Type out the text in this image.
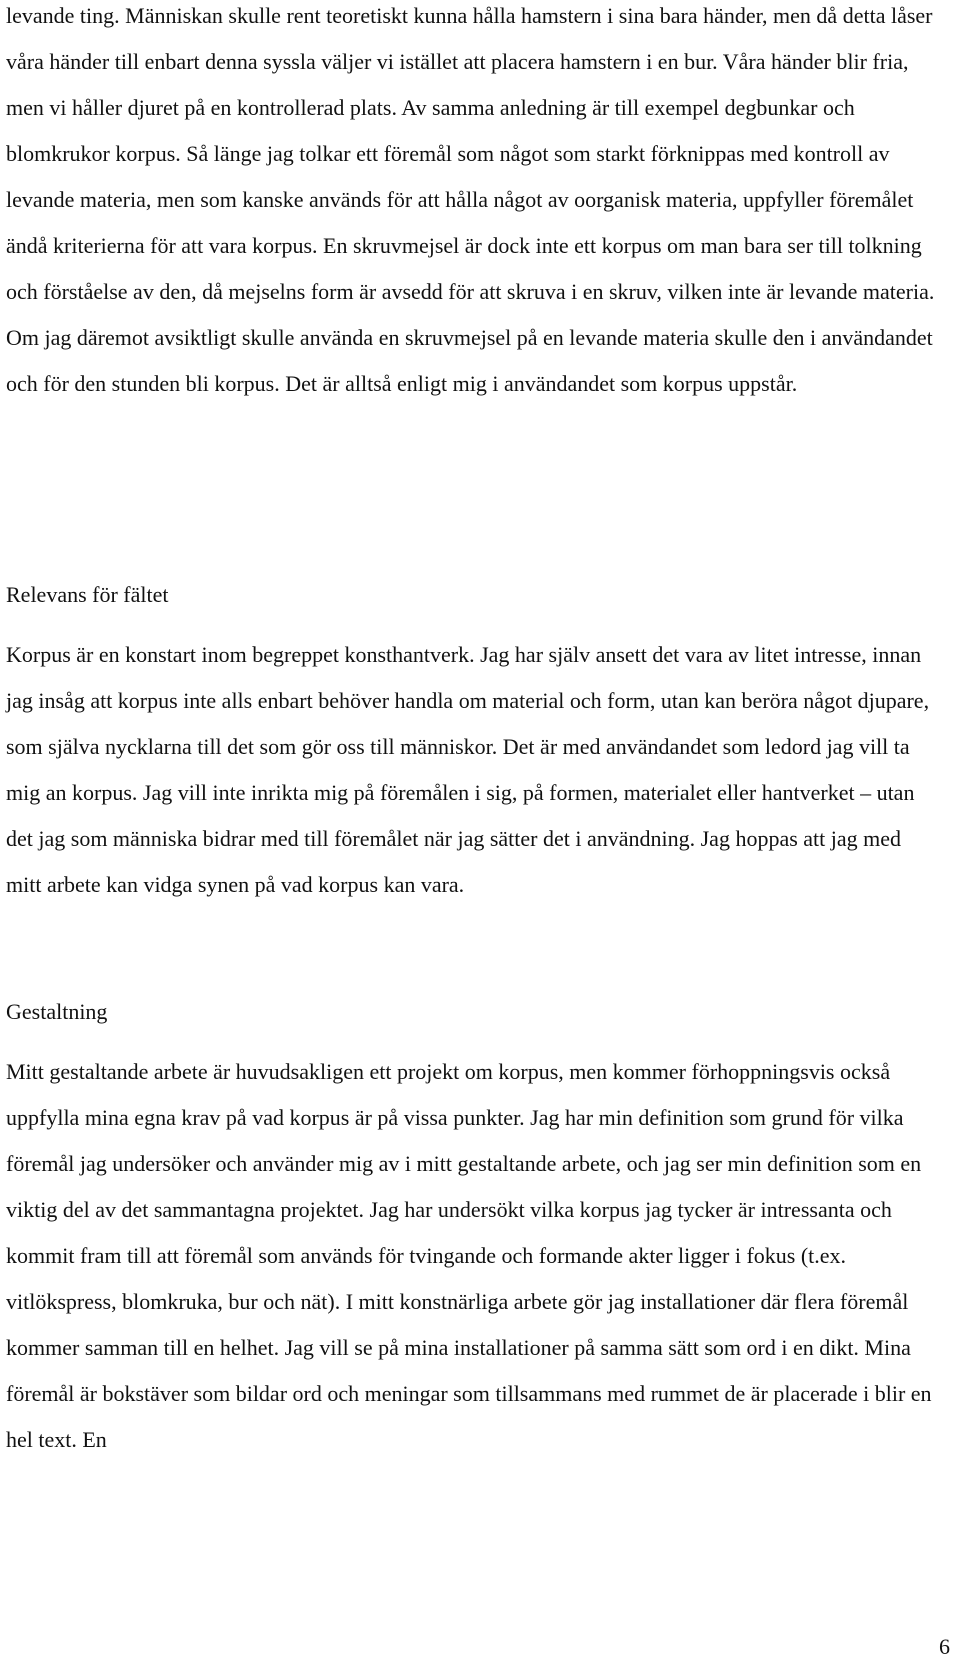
levande ting. Människan skulle rent teoretiskt kunna hålla hamstern i sina bara händer, men då detta låser våra händer till enbart denna syssla väljer vi istället att placera hamstern i en bur. Våra händer blir fria, men vi håller djuret på en kontrollerad plats. Av samma anledning är till exempel degbunkar och blomkrukor korpus. Så länge jag tolkar ett föremål som något som starkt förknippas med kontroll av levande materia, men som kanske används för att hålla något av oorganisk materia, uppfyller föremålet ändå kriterierna för att vara korpus. En skruvmejsel är dock inte ett korpus om man bara ser till tolkning och förståelse av den, då mejselns form är avsedd för att skruva i en skruv, vilken inte är levande materia. Om jag däremot avsiktligt skulle använda en skruvmejsel på en levande materia skulle den i användandet och för den stunden bli korpus. Det är alltså enligt mig i användandet som korpus uppstår.

Relevans för fältet

Korpus är en konstart inom begreppet konsthantverk. Jag har själv ansett det vara av litet intresse, innan jag insåg att korpus inte alls enbart behöver handla om material och form, utan kan beröra något djupare, som själva nycklarna till det som gör oss till människor. Det är med användandet som ledord jag vill ta mig an korpus. Jag vill inte inrikta mig på föremålen i sig, på formen, materialet eller hantverket – utan det jag som människa bidrar med till föremålet när jag sätter det i användning. Jag hoppas att jag med mitt arbete kan vidga synen på vad korpus kan vara.

Gestaltning

Mitt gestaltande arbete är huvudsakligen ett projekt om korpus, men kommer förhoppningsvis också uppfylla mina egna krav på vad korpus är på vissa punkter. Jag har min definition som grund för vilka föremål jag undersöker och använder mig av i mitt gestaltande arbete, och jag ser min definition som en viktig del av det sammantagna projektet. Jag har undersökt vilka korpus jag tycker är intressanta och kommit fram till att föremål som används för tvingande och formande akter ligger i fokus (t.ex. vitlökspress, blomkruka, bur och nät). I mitt konstnärliga arbete gör jag installationer där flera föremål kommer samman till en helhet. Jag vill se på mina installationer på samma sätt som ord i en dikt. Mina föremål är bokstäver som bildar ord och meningar som tillsammans med rummet de är placerade i blir en hel text. En

6
